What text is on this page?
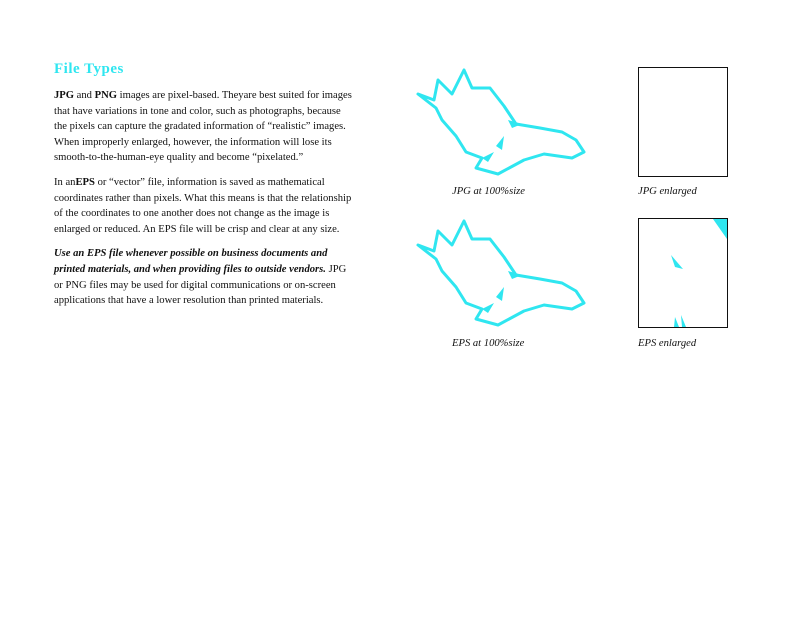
File Types

JPG and PNG images are pixel-based. Theyare best suited for images that have variations in tone and color, such as photographs, because the pixels can capture the gradated information of “realistic” images. When improperly enlarged, however, the information will lose its smooth-to-the-human-eye quality and become “pixelated.”

In anEPS or “vector” file, information is saved as mathematical coordinates rather than pixels. What this means is that the relationship of the coordinates to one another does not change as the image is enlarged or reduced. An EPS file will be crisp and clear at any size.

Use an EPS file whenever possible on business documents and printed materials, and when providing files to outside vendors. JPG or PNG files may be used for digital communications or on-screen applications that have a lower resolution than printed materials.

JPG at 100%size	JPG enlarged
EPS at 100%size	EPS enlarged
